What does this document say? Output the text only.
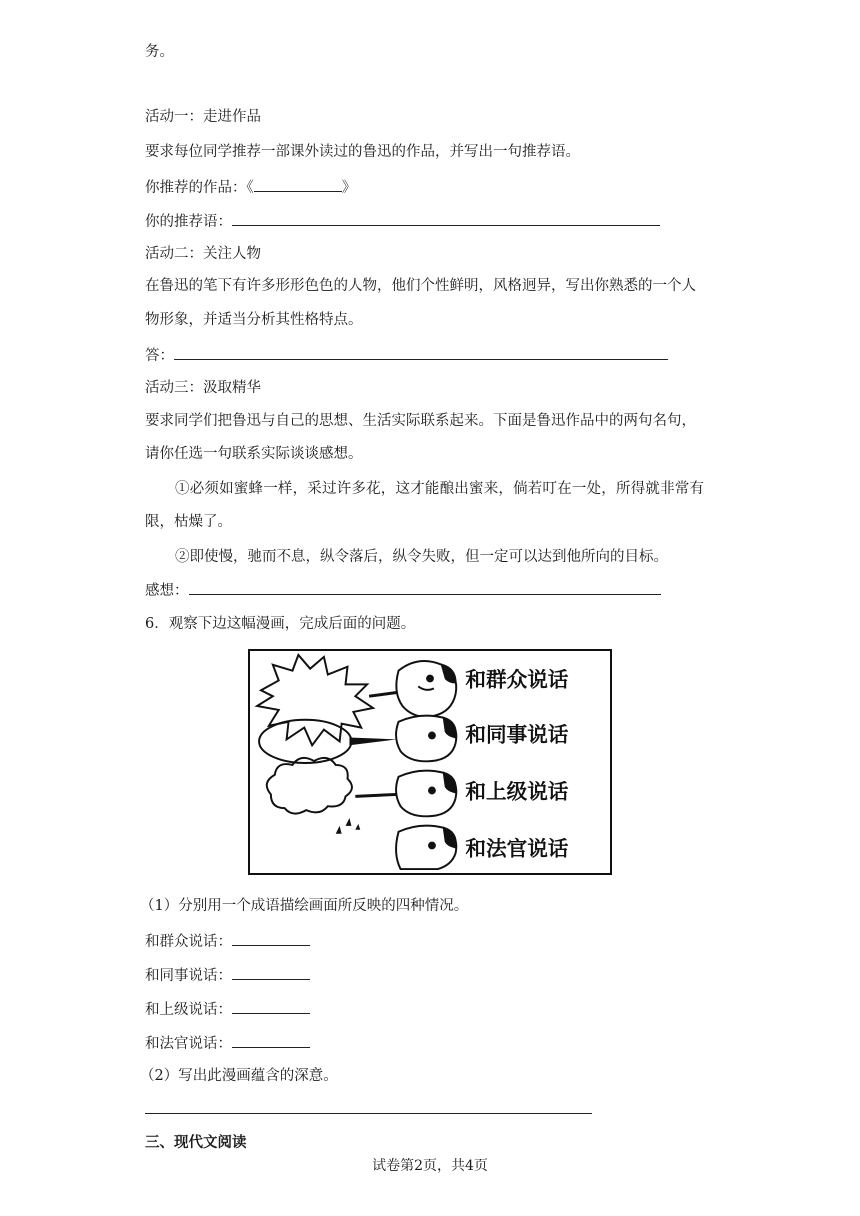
务。
活动一：走进作品
要求每位同学推荐一部课外读过的鲁迅的作品，并写出一句推荐语。
你推荐的作品：《	》
你的推荐语：
活动二：关注人物
在鲁迅的笔下有许多形形色色的人物，他们个性鲜明，风格迥异，写出你熟悉的一个人
物形象，并适当分析其性格特点。
答：
活动三：汲取精华
要求同学们把鲁迅与自己的思想、生活实际联系起来。下面是鲁迅作品中的两句名句，
请你任选一句联系实际谈谈感想。
①必须如蜜蜂一样，采过许多花，这才能酿出蜜来，倘若叮在一处，所得就非常有
限，枯燥了。
②即使慢，驰而不息，纵令落后，纵令失败，但一定可以达到他所向的目标。
感想：
6．观察下边这幅漫画，完成后面的问题。
和群众说话
和同事说话
和上级说话
和法官说话
（1）分别用一个成语描绘画面所反映的四种情况。
和群众说话：
和同事说话：
和上级说话：
和法官说话：
（2）写出此漫画蕴含的深意。
三、现代文阅读
试卷第2页，共4页
